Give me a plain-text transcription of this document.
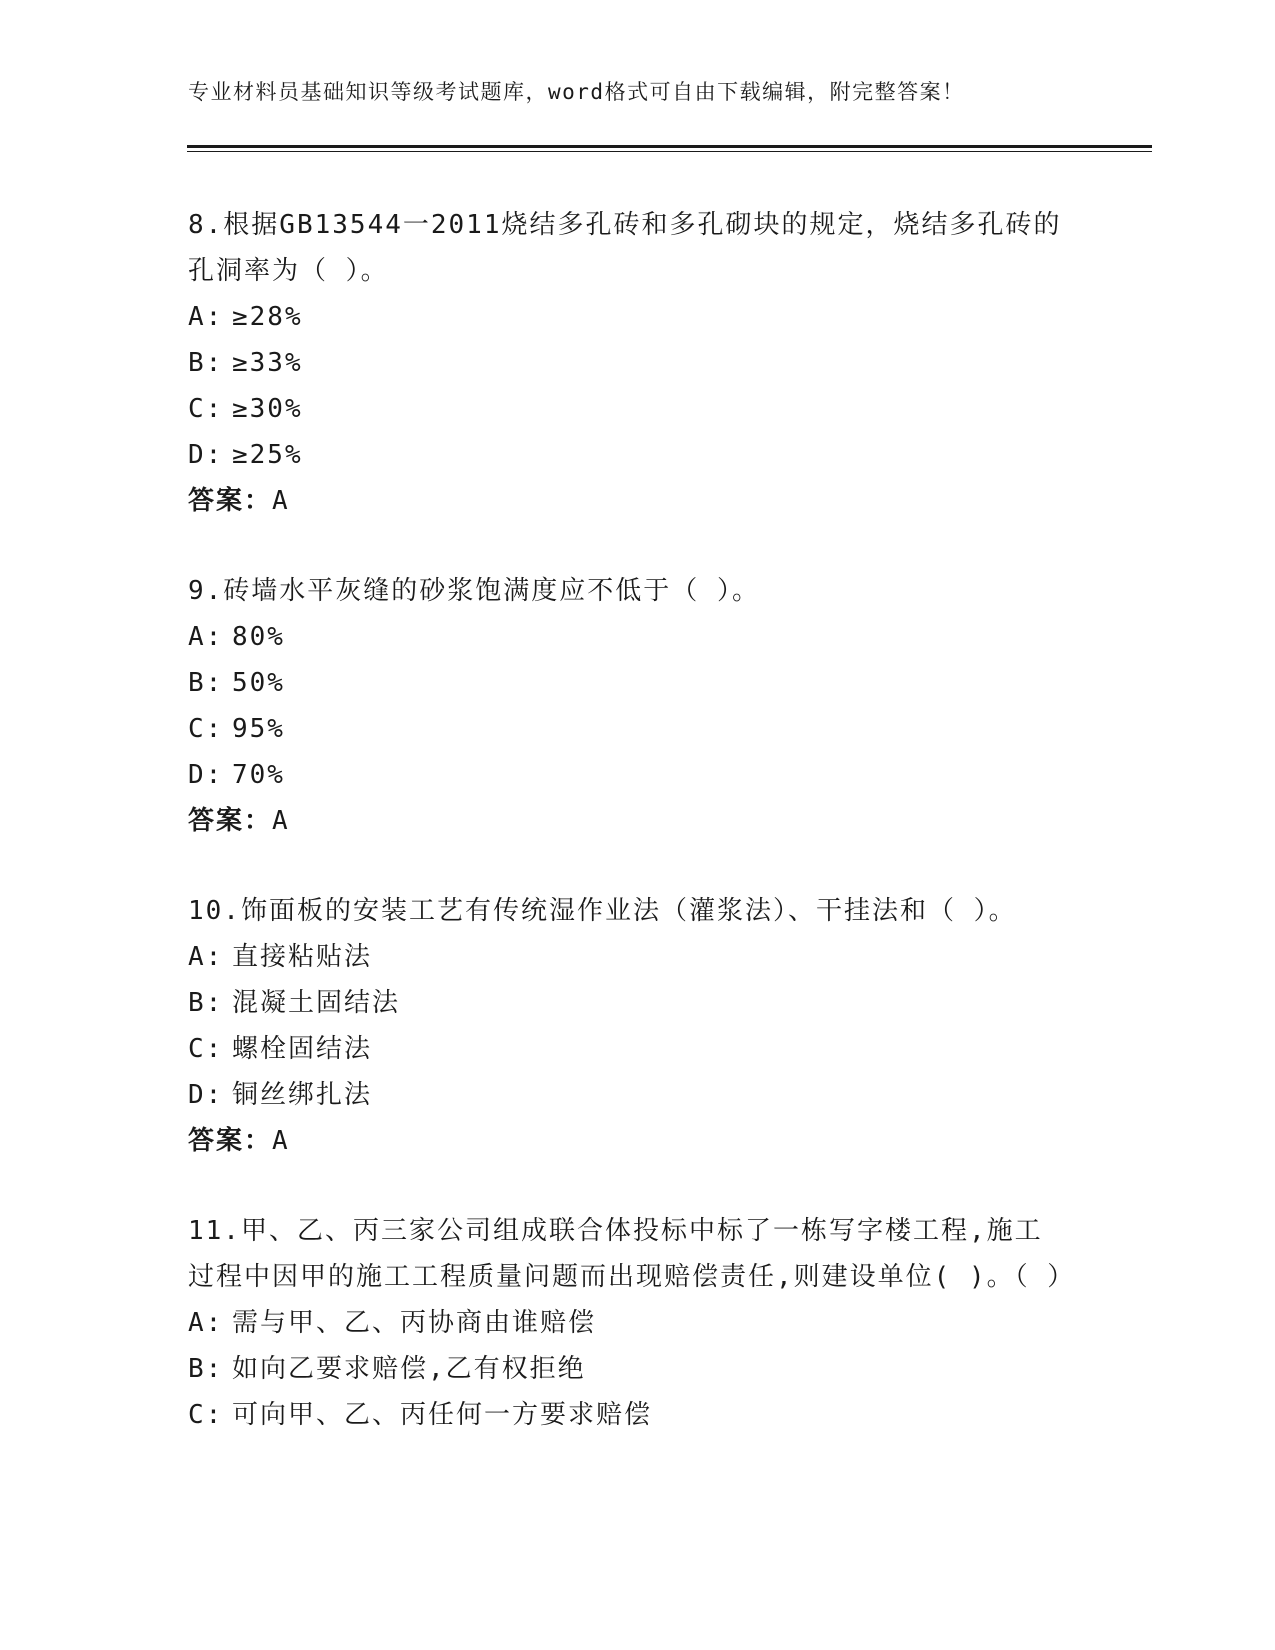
专业材料员基础知识等级考试题库，word格式可自由下载编辑，附完整答案！
8.根据GB13544一2011烧结多孔砖和多孔砌块的规定，烧结多孔砖的孔洞率为（ ）。
A: ≥28%
B: ≥33%
C: ≥30%
D: ≥25%
答案：A
9.砖墙水平灰缝的砂浆饱满度应不低于（ ）。
A: 80%
B: 50%
C: 95%
D: 70%
答案：A
10.饰面板的安装工艺有传统湿作业法（灌浆法）、干挂法和（ ）。
A: 直接粘贴法
B: 混凝土固结法
C: 螺栓固结法
D: 铜丝绑扎法
答案：A
11.甲、乙、丙三家公司组成联合体投标中标了一栋写字楼工程,施工过程中因甲的施工工程质量问题而出现赔偿责任,则建设单位( )。（ ）
A: 需与甲、乙、丙协商由谁赔偿
B: 如向乙要求赔偿,乙有权拒绝
C: 可向甲、乙、丙任何一方要求赔偿
